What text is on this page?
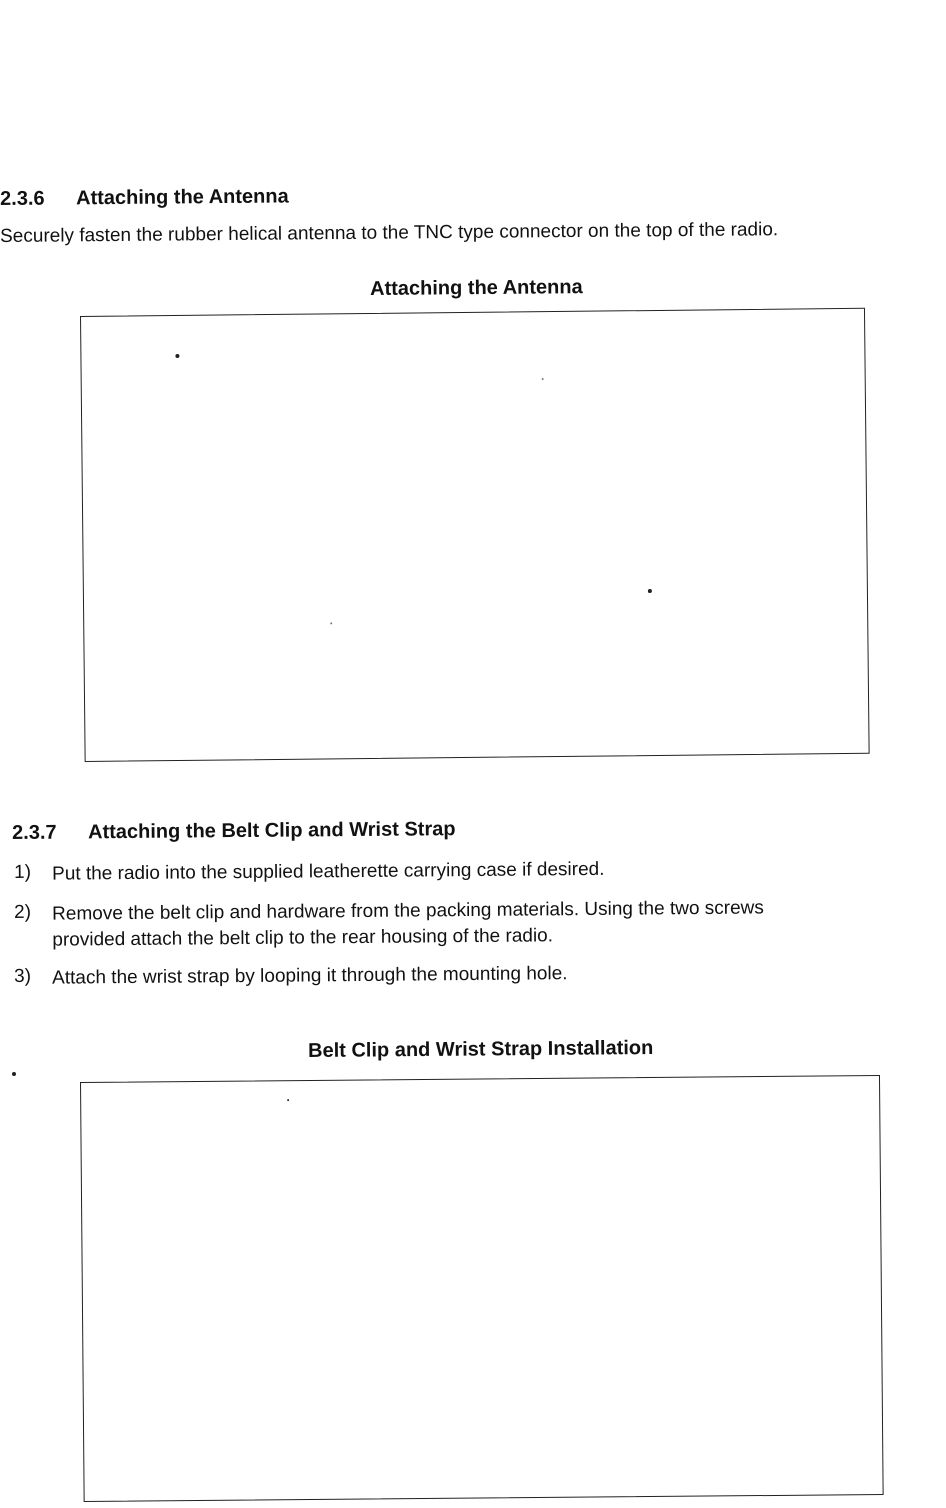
2.3.6 Attaching the Antenna

Securely fasten the rubber helical antenna to the TNC type connector on the top of the radio.

Attaching the Antenna
2.3.7 Attaching the Belt Clip and Wrist Strap
1) Put the radio into the supplied leatherette carrying case if desired.
2) Remove the belt clip and hardware from the packing materials. Using the two screws
provided attach the belt clip to the rear housing of the radio.
3) Attach the wrist strap by looping it through the mounting hole.
Belt Clip and Wrist Strap Installation
